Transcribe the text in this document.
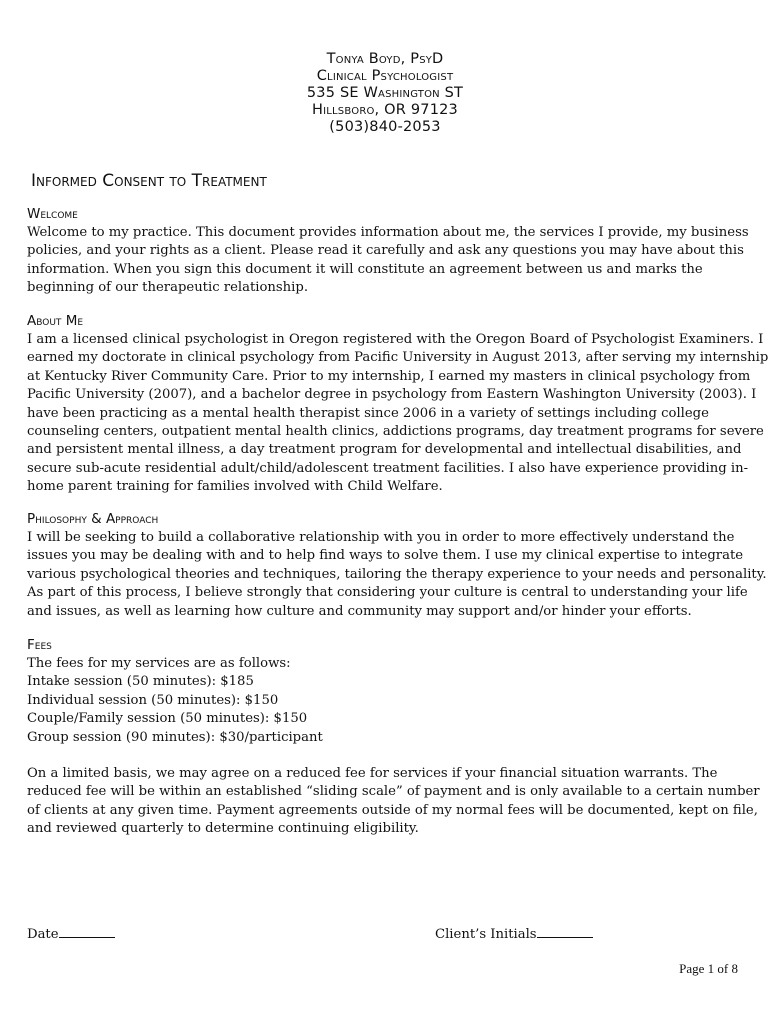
Tonya Boyd, PsyD
Clinical Psychologist
535 SE Washington ST
Hillsboro, OR 97123
(503)840-2053
Informed Consent to Treatment
Welcome
Welcome to my practice. This document provides information about me, the services I provide, my business
policies, and your rights as a client. Please read it carefully and ask any questions you may have about this
information. When you sign this document it will constitute an agreement between us and marks the
beginning of our therapeutic relationship.
About Me
I am a licensed clinical psychologist in Oregon registered with the Oregon Board of Psychologist Examiners. I
earned my doctorate in clinical psychology from Pacific University in August 2013, after serving my internship
at Kentucky River Community Care. Prior to my internship, I earned my masters in clinical psychology from
Pacific University (2007), and a bachelor degree in psychology from Eastern Washington University (2003). I
have been practicing as a mental health therapist since 2006 in a variety of settings including college
counseling centers, outpatient mental health clinics, addictions programs, day treatment programs for severe
and persistent mental illness, a day treatment program for developmental and intellectual disabilities, and
secure sub-acute residential adult/child/adolescent treatment facilities. I also have experience providing in-
home parent training for families involved with Child Welfare.
Philosophy & Approach
I will be seeking to build a collaborative relationship with you in order to more effectively understand the
issues you may be dealing with and to help find ways to solve them. I use my clinical expertise to integrate
various psychological theories and techniques, tailoring the therapy experience to your needs and personality.
As part of this process, I believe strongly that considering your culture is central to understanding your life
and issues, as well as learning how culture and community may support and/or hinder your efforts.
Fees
The fees for my services are as follows:
Intake session (50 minutes): $185
Individual session (50 minutes): $150
Couple/Family session (50 minutes): $150
Group session (90 minutes): $30/participant
On a limited basis, we may agree on a reduced fee for services if your financial situation warrants. The
reduced fee will be within an established “sliding scale” of payment and is only available to a certain number
of clients at any given time. Payment agreements outside of my normal fees will be documented, kept on file,
and reviewed quarterly to determine continuing eligibility.
Date	Client’s Initials
Page 1 of 8
